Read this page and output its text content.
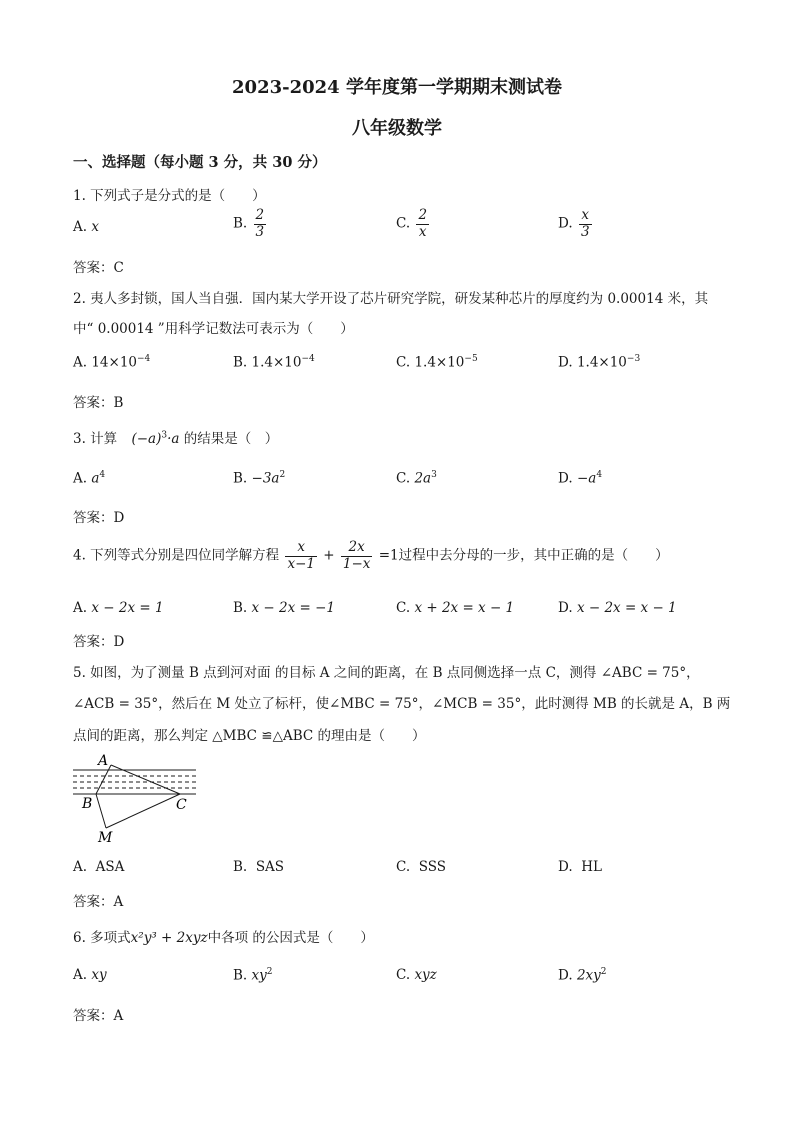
2023-2024 学年度第一学期期末测试卷
八年级数学
一、选择题（每小题 3 分，共 30 分）
1. 下列式子是分式的是（　　）
A. x	B. $\frac{2}{3}$	C. $\frac{2}{x}$	D. $\frac{x}{3}$
答案：C
2. 夷人多封锁，国人当自强．国内某大学开设了芯片研究学院，研发某种芯片的厚度约为 0.00014 米，其
中“ 0.00014 ”用科学记数法可表示为（　　）
A. $14\times 10^{-4}$	B. $1.4\times 10^{-4}$	C. $1.4\times 10^{-5}$	D. $1.4\times 10^{-3}$
答案：B
3. 计算 $(-a)^3\cdot a$ 的结果是（　）
A. $a^4$	B. $-3a^2$	C. $2a^3$	D. $-a^4$
答案：D
4. 下列等式分别是四位同学解方程 $\frac{x}{x-1} + \frac{2x}{1-x} =1$过程中去分母的一步，其中正确的是（　　）
A. x − 2x = 1	B. x − 2x = −1	C. x + 2x = x − 1	D. x − 2x = x − 1
答案：D
5. 如图，为了测量 B 点到河对面 的目标 A 之间的距离，在 B 点同侧选择一点 C，测得 ∠ABC = 75°，
∠ACB = 35°，然后在 M 处立了标杆，使∠MBC = 75°，∠MCB = 35°，此时测得 MB 的长就是 A，B 两
点间的距离，那么判定 △MBC ≌△ABC 的理由是（　　）
A
B	C
M
A. ASA	B. SAS	C. SSS	D. HL
答案：A
6. 多项式x²y³ + 2xyz中各项 的公因式是（　　）
A. xy	B. $xy^2$	C. xyz	D. $2xy^2$
答案：A
